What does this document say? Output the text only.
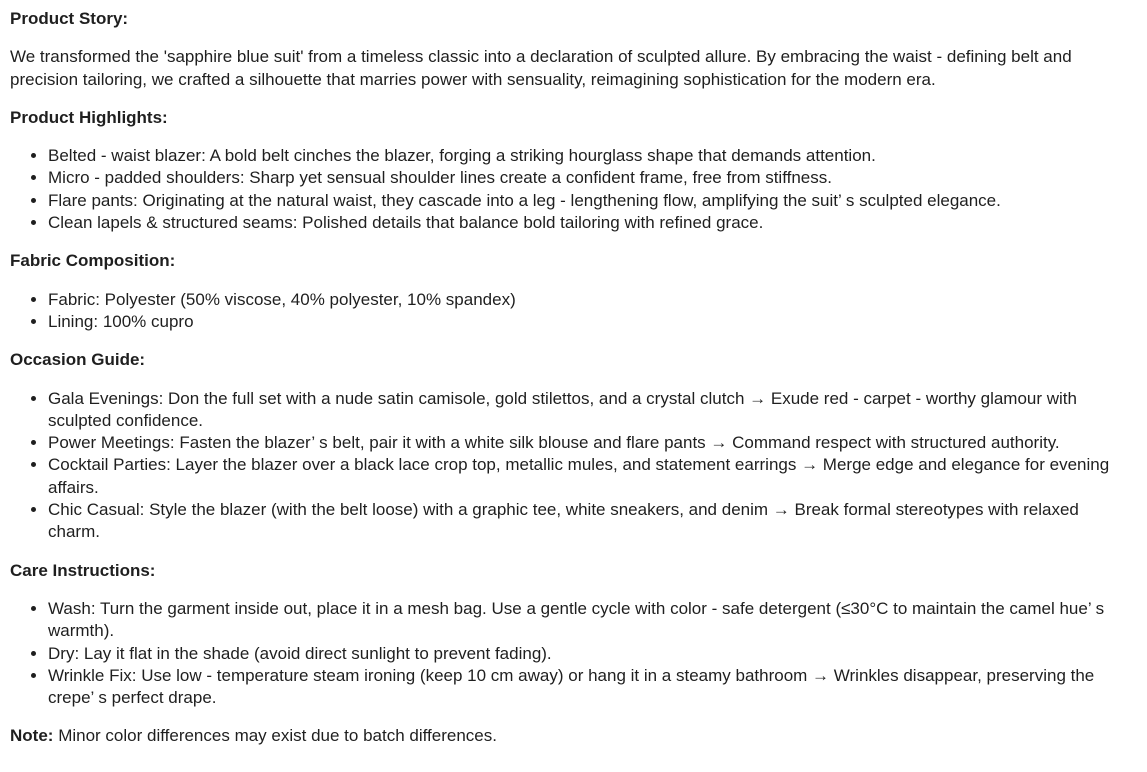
Product Story:

We transformed the 'sapphire blue suit' from a timeless classic into a declaration of sculpted allure. By embracing the waist - defining belt and precision tailoring, we crafted a silhouette that marries power with sensuality, reimagining sophistication for the modern era.

Product Highlights:
• Belted - waist blazer: A bold belt cinches the blazer, forging a striking hourglass shape that demands attention.
• Micro - padded shoulders: Sharp yet sensual shoulder lines create a confident frame, free from stiffness.
• Flare pants: Originating at the natural waist, they cascade into a leg - lengthening flow, amplifying the suit’ s sculpted elegance.
• Clean lapels & structured seams: Polished details that balance bold tailoring with refined grace.
Fabric Composition:
• Fabric: Polyester (50% viscose, 40% polyester, 10% spandex)
• Lining: 100% cupro
Occasion Guide:
• Gala Evenings: Don the full set with a nude satin camisole, gold stilettos, and a crystal clutch → Exude red - carpet - worthy glamour with sculpted confidence.
• Power Meetings: Fasten the blazer’ s belt, pair it with a white silk blouse and flare pants → Command respect with structured authority.
• Cocktail Parties: Layer the blazer over a black lace crop top, metallic mules, and statement earrings → Merge edge and elegance for evening affairs.
• Chic Casual: Style the blazer (with the belt loose) with a graphic tee, white sneakers, and denim → Break formal stereotypes with relaxed charm.
Care Instructions:
• Wash: Turn the garment inside out, place it in a mesh bag. Use a gentle cycle with color - safe detergent (≤30°C to maintain the camel hue’ s warmth).
• Dry: Lay it flat in the shade (avoid direct sunlight to prevent fading).
• Wrinkle Fix: Use low - temperature steam ironing (keep 10 cm away) or hang it in a steamy bathroom → Wrinkles disappear, preserving the crepe’ s perfect drape.

Note: Minor color differences may exist due to batch differences.
